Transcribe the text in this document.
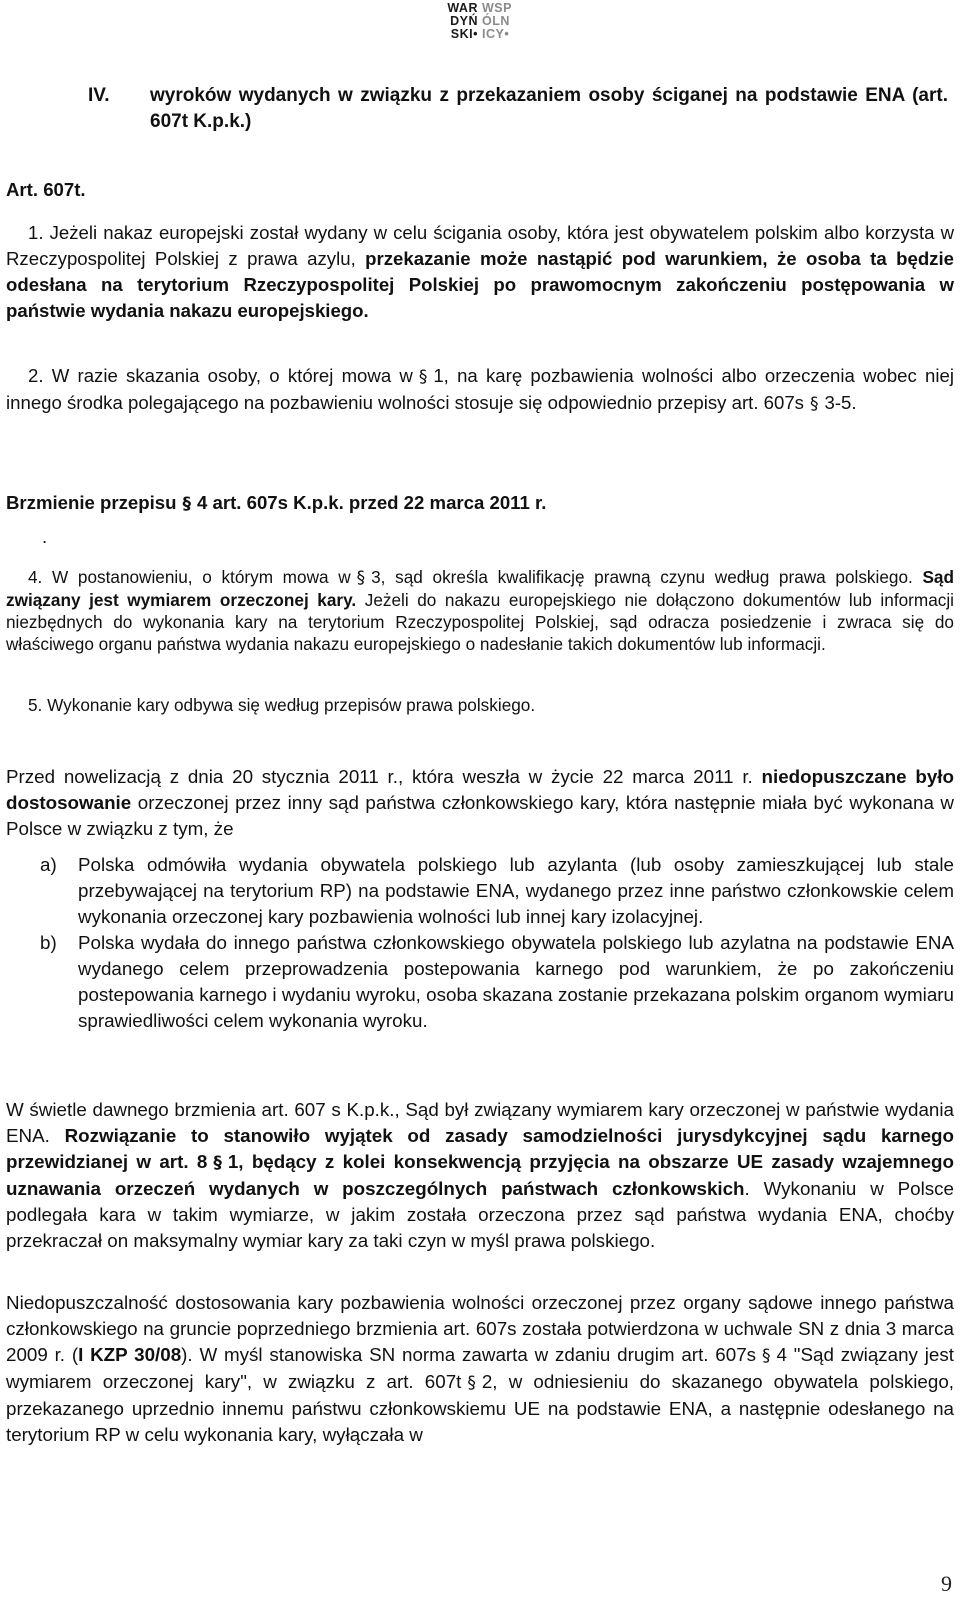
WAR
DYŃ
SKI•
WSP
ÓLN
ICY•
IV. wyroków wydanych w związku z przekazaniem osoby ściganej na podstawie ENA (art. 607t K.p.k.)
Art. 607t.
1. Jeżeli nakaz europejski został wydany w celu ścigania osoby, która jest obywatelem polskim albo korzysta w Rzeczypospolitej Polskiej z prawa azylu, przekazanie może nastąpić pod warunkiem, że osoba ta będzie odesłana na terytorium Rzeczypospolitej Polskiej po prawomocnym zakończeniu postępowania w państwie wydania nakazu europejskiego.
2. W razie skazania osoby, o której mowa w § 1, na karę pozbawienia wolności albo orzeczenia wobec niej innego środka polegającego na pozbawieniu wolności stosuje się odpowiednio przepisy art. 607s § 3-5.
Brzmienie przepisu § 4 art. 607s K.p.k. przed 22 marca 2011 r.
.
4. W postanowieniu, o którym mowa w § 3, sąd określa kwalifikację prawną czynu według prawa polskiego. Sąd związany jest wymiarem orzeczonej kary. Jeżeli do nakazu europejskiego nie dołączono dokumentów lub informacji niezbędnych do wykonania kary na terytorium Rzeczypospolitej Polskiej, sąd odracza posiedzenie i zwraca się do właściwego organu państwa wydania nakazu europejskiego o nadesłanie takich dokumentów lub informacji.
5. Wykonanie kary odbywa się według przepisów prawa polskiego.
Przed nowelizacją z dnia 20 stycznia 2011 r., która weszła w życie 22 marca 2011 r. niedopuszczane było dostosowanie orzeczonej przez inny sąd państwa członkowskiego kary, która następnie miała być wykonana w Polsce w związku z tym, że
a) Polska odmówiła wydania obywatela polskiego lub azylanta (lub osoby zamieszkującej lub stale przebywającej na terytorium RP) na podstawie ENA, wydanego przez inne państwo członkowskie celem wykonania orzeczonej kary pozbawienia wolności lub innej kary izolacyjnej.
b) Polska wydała do innego państwa członkowskiego obywatela polskiego lub azylatna na podstawie ENA wydanego celem przeprowadzenia postepowania karnego pod warunkiem, że po zakończeniu postepowania karnego i wydaniu wyroku, osoba skazana zostanie przekazana polskim organom wymiaru sprawiedliwości celem wykonania wyroku.
W świetle dawnego brzmienia art. 607 s K.p.k., Sąd był związany wymiarem kary orzeczonej w państwie wydania ENA. Rozwiązanie to stanowiło wyjątek od zasady samodzielności jurysdykcyjnej sądu karnego przewidzianej w art. 8 § 1, będący z kolei konsekwencją przyjęcia na obszarze UE zasady wzajemnego uznawania orzeczeń wydanych w poszczególnych państwach członkowskich. Wykonaniu w Polsce podlegała kara w takim wymiarze, w jakim została orzeczona przez sąd państwa wydania ENA, choćby przekraczał on maksymalny wymiar kary za taki czyn w myśl prawa polskiego.
Niedopuszczalność dostosowania kary pozbawienia wolności orzeczonej przez organy sądowe innego państwa członkowskiego na gruncie poprzedniego brzmienia art. 607s została potwierdzona w uchwale SN z dnia 3 marca 2009 r. (I KZP 30/08). W myśl stanowiska SN norma zawarta w zdaniu drugim art. 607s § 4 "Sąd związany jest wymiarem orzeczonej kary", w związku z art. 607t § 2, w odniesieniu do skazanego obywatela polskiego, przekazanego uprzednio innemu państwu członkowskiemu UE na podstawie ENA, a następnie odesłanego na terytorium RP w celu wykonania kary, wyłączała w
9
